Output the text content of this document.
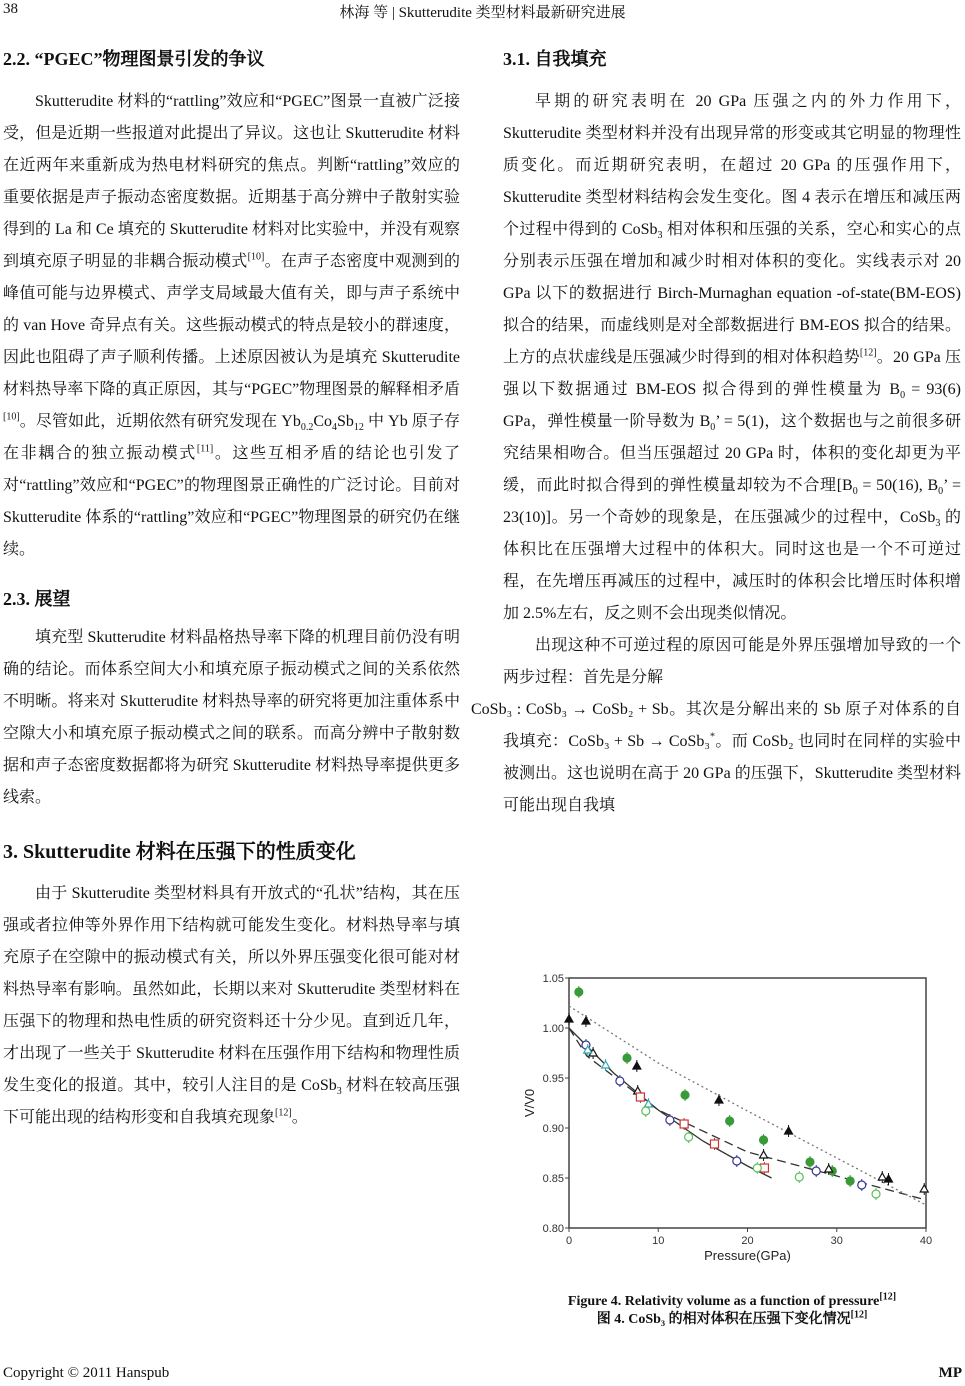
38	林海 等 | Skutterudite 类型材料最新研究进展
2.2. “PGEC”物理图景引发的争议

Skutterudite 材料的“rattling”效应和“PGEC”图景一直被广泛接受，但是近期一些报道对此提出了异议。这也让 Skutterudite 材料在近两年来重新成为热电材料研究的焦点。判断“rattling”效应的重要依据是声子振动态密度数据。近期基于高分辨中子散射实验得到的 La 和 Ce 填充的 Skutterudite 材料对比实验中，并没有观察到填充原子明显的非耦合振动模式[10]。在声子态密度中观测到的峰值可能与边界模式、声学支局域最大值有关，即与声子系统中的 van Hove 奇异点有关。这些振动模式的特点是较小的群速度，因此也阻碍了声子顺利传播。上述原因被认为是填充 Skutterudite 材料热导率下降的真正原因，其与“PGEC”物理图景的解释相矛盾[10]。尽管如此，近期依然有研究发现在 $Yb_{0.2}Co_4Sb_{12}$ 中 Yb 原子存在非耦合的独立振动模式[11]。这些互相矛盾的结论也引发了对“rattling”效应和“PGEC”的物理图景正确性的广泛讨论。目前对 Skutterudite 体系的“rattling”效应和“PGEC”物理图景的研究仍在继续。

2.3. 展望

填充型 Skutterudite 材料晶格热导率下降的机理目前仍没有明确的结论。而体系空间大小和填充原子振动模式之间的关系依然不明晰。将来对 Skutterudite 材料热导率的研究将更加注重体系中空隙大小和填充原子振动模式之间的联系。而高分辨中子散射数据和声子态密度数据都将为研究 Skutterudite 材料热导率提供更多线索。

3. Skutterudite 材料在压强下的性质变化

由于 Skutterudite 类型材料具有开放式的“孔状”结构，其在压强或者拉伸等外界作用下结构就可能发生变化。材料热导率与填充原子在空隙中的振动模式有关，所以外界压强变化很可能对材料热导率有影响。虽然如此，长期以来对 Skutterudite 类型材料在压强下的物理和热电性质的研究资料还十分少见。直到近几年，才出现了一些关于 Skutterudite 材料在压强作用下结构和物理性质发生变化的报道。其中，较引人注目的是 CoSb$_3$ 材料在较高压强下可能出现的结构形变和自我填充现象[12]。

3.1. 自我填充

早期的研究表明在 20 GPa 压强之内的外力作用下，Skutterudite 类型材料并没有出现异常的形变或其它明显的物理性质变化。而近期研究表明，在超过 20 GPa 的压强作用下，Skutterudite 类型材料结构会发生变化。图 4 表示在增压和减压两个过程中得到的 CoSb$_3$ 相对体积和压强的关系，空心和实心的点分别表示压强在增加和减少时相对体积的变化。实线表示对 20 GPa 以下的数据进行 Birch-Murnaghan equation -of-state(BM-EOS)拟合的结果，而虚线则是对全部数据进行 BM-EOS 拟合的结果。上方的点状虚线是压强减少时得到的相对体积趋势[12]。20 GPa 压强以下数据通过 BM-EOS 拟合得到的弹性模量为 $B_0 = 93(6)$ GPa，弹性模量一阶导数为 $B_0$’ = 5(1)，这个数据也与之前很多研究结果相吻合。但当压强超过 20 GPa 时，体积的变化却更为平缓，而此时拟合得到的弹性模量却较为不合理[$B_0 = 50(16)$, $B_0$’ = 23(10)]。另一个奇妙的现象是，在压强减少的过程中，CoSb$_3$ 的体积比在压强增大过程中的体积大。同时这也是一个不可逆过程，在先增压再减压的过程中，减压时的体积会比增压时体积增加 2.5%左右，反之则不会出现类似情况。

出现这种不可逆过程的原因可能是外界压强增加导致的一个两步过程：首先是分解
CoSb₃ : CoSb₃ → CoSb₂ + Sb。其次是分解出来的 Sb 原子对体系的自我填充：CoSb₃ + Sb → CoSb₃*。而 CoSb₂ 也同时在同样的实验中被测出。这也说明在高于 20 GPa 的压强下，Skutterudite 类型材料可能出现自我填

0	10	20	30	40
0.80
0.85
0.90
0.95
1.00
1.05
Pressure(GPa)
V/V0
Figure 4. Relativity volume as a function of pressure[12]
图 4. CoSb₃ 的相对体积在压强下变化情况[12]
Copyright © 2011 Hanspub	MP
